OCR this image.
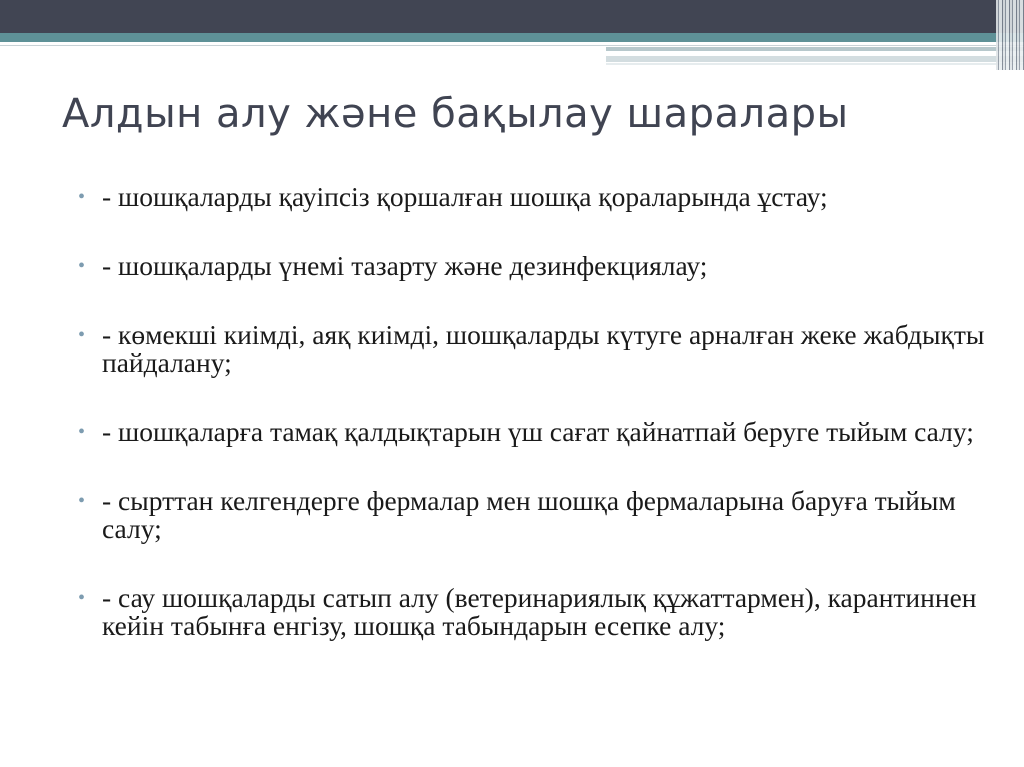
Алдын алу және бақылау шаралары
• - шошқаларды қауіпсіз қоршалған шошқа қораларында ұстау;
• - шошқаларды үнемі тазарту және дезинфекциялау;
• - көмекші киімді, аяқ киімді, шошқаларды күтуге арналған жеке жабдықты пайдалану;
• - шошқаларға тамақ қалдықтарын үш сағат қайнатпай беруге тыйым салу;
• - сырттан келгендерге фермалар мен шошқа фермаларына баруға тыйым салу;
• - сау шошқаларды сатып алу (ветеринариялық құжаттармен), карантиннен кейін табынға енгізу, шошқа табындарын есепке алу;
